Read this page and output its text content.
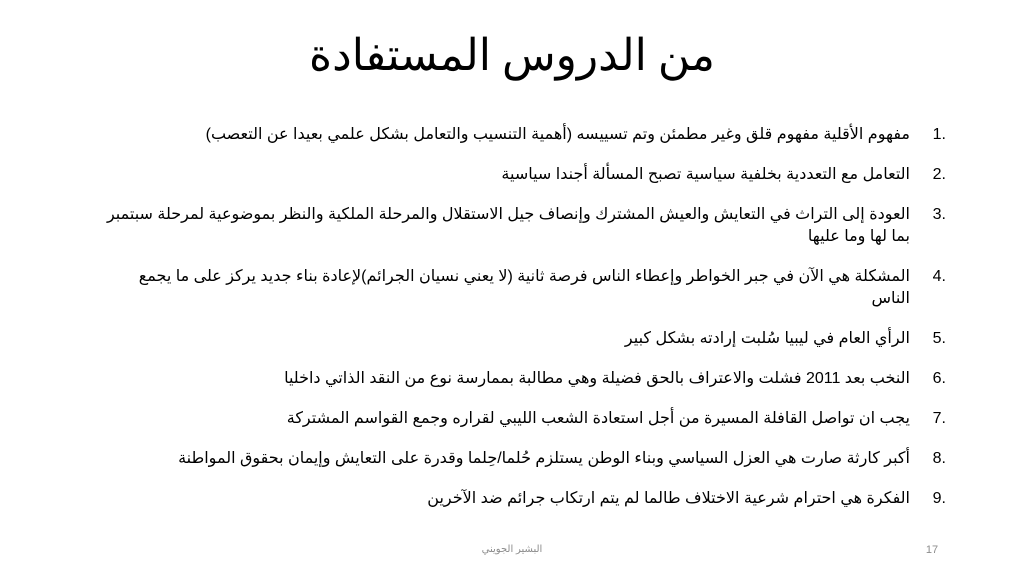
من الدروس المستفادة
1.
مفهوم الأقلية مفهوم قلق وغير مطمئن وتم تسييسه (أهمية التنسيب والتعامل بشكل علمي بعيدا عن التعصب)
2.
التعامل مع التعددية بخلفية سياسية تصبح المسألة أجندا سياسية
3.
العودة إلى التراث في التعايش والعيش المشترك وإنصاف جيل الاستقلال والمرحلة الملكية والنظر بموضوعية لمرحلة سبتمبر بما لها وما عليها
4.
المشكلة هي الآن في جبر الخواطر وإعطاء الناس فرصة ثانية (لا يعني نسيان الجرائم)لإعادة بناء جديد يركز على ما يجمع الناس
5.
الرأي العام في ليبيا سُلبت إرادته بشكل كبير
6.
النخب بعد 2011 فشلت والاعتراف بالحق فضيلة وهي مطالبة بممارسة نوع من النقد الذاتي داخليا
7.
يجب ان تواصل القافلة المسيرة من أجل استعادة الشعب الليبي لقراره وجمع القواسم المشتركة
8.
أكبر كارثة صارت هي العزل السياسي وبناء الوطن يستلزم حُلما/حِلما وقدرة على التعايش وإيمان بحقوق المواطنة
9.
الفكرة هي احترام شرعية الاختلاف طالما لم يتم ارتكاب جرائم ضد الآخرين
البشير الجويني	17
